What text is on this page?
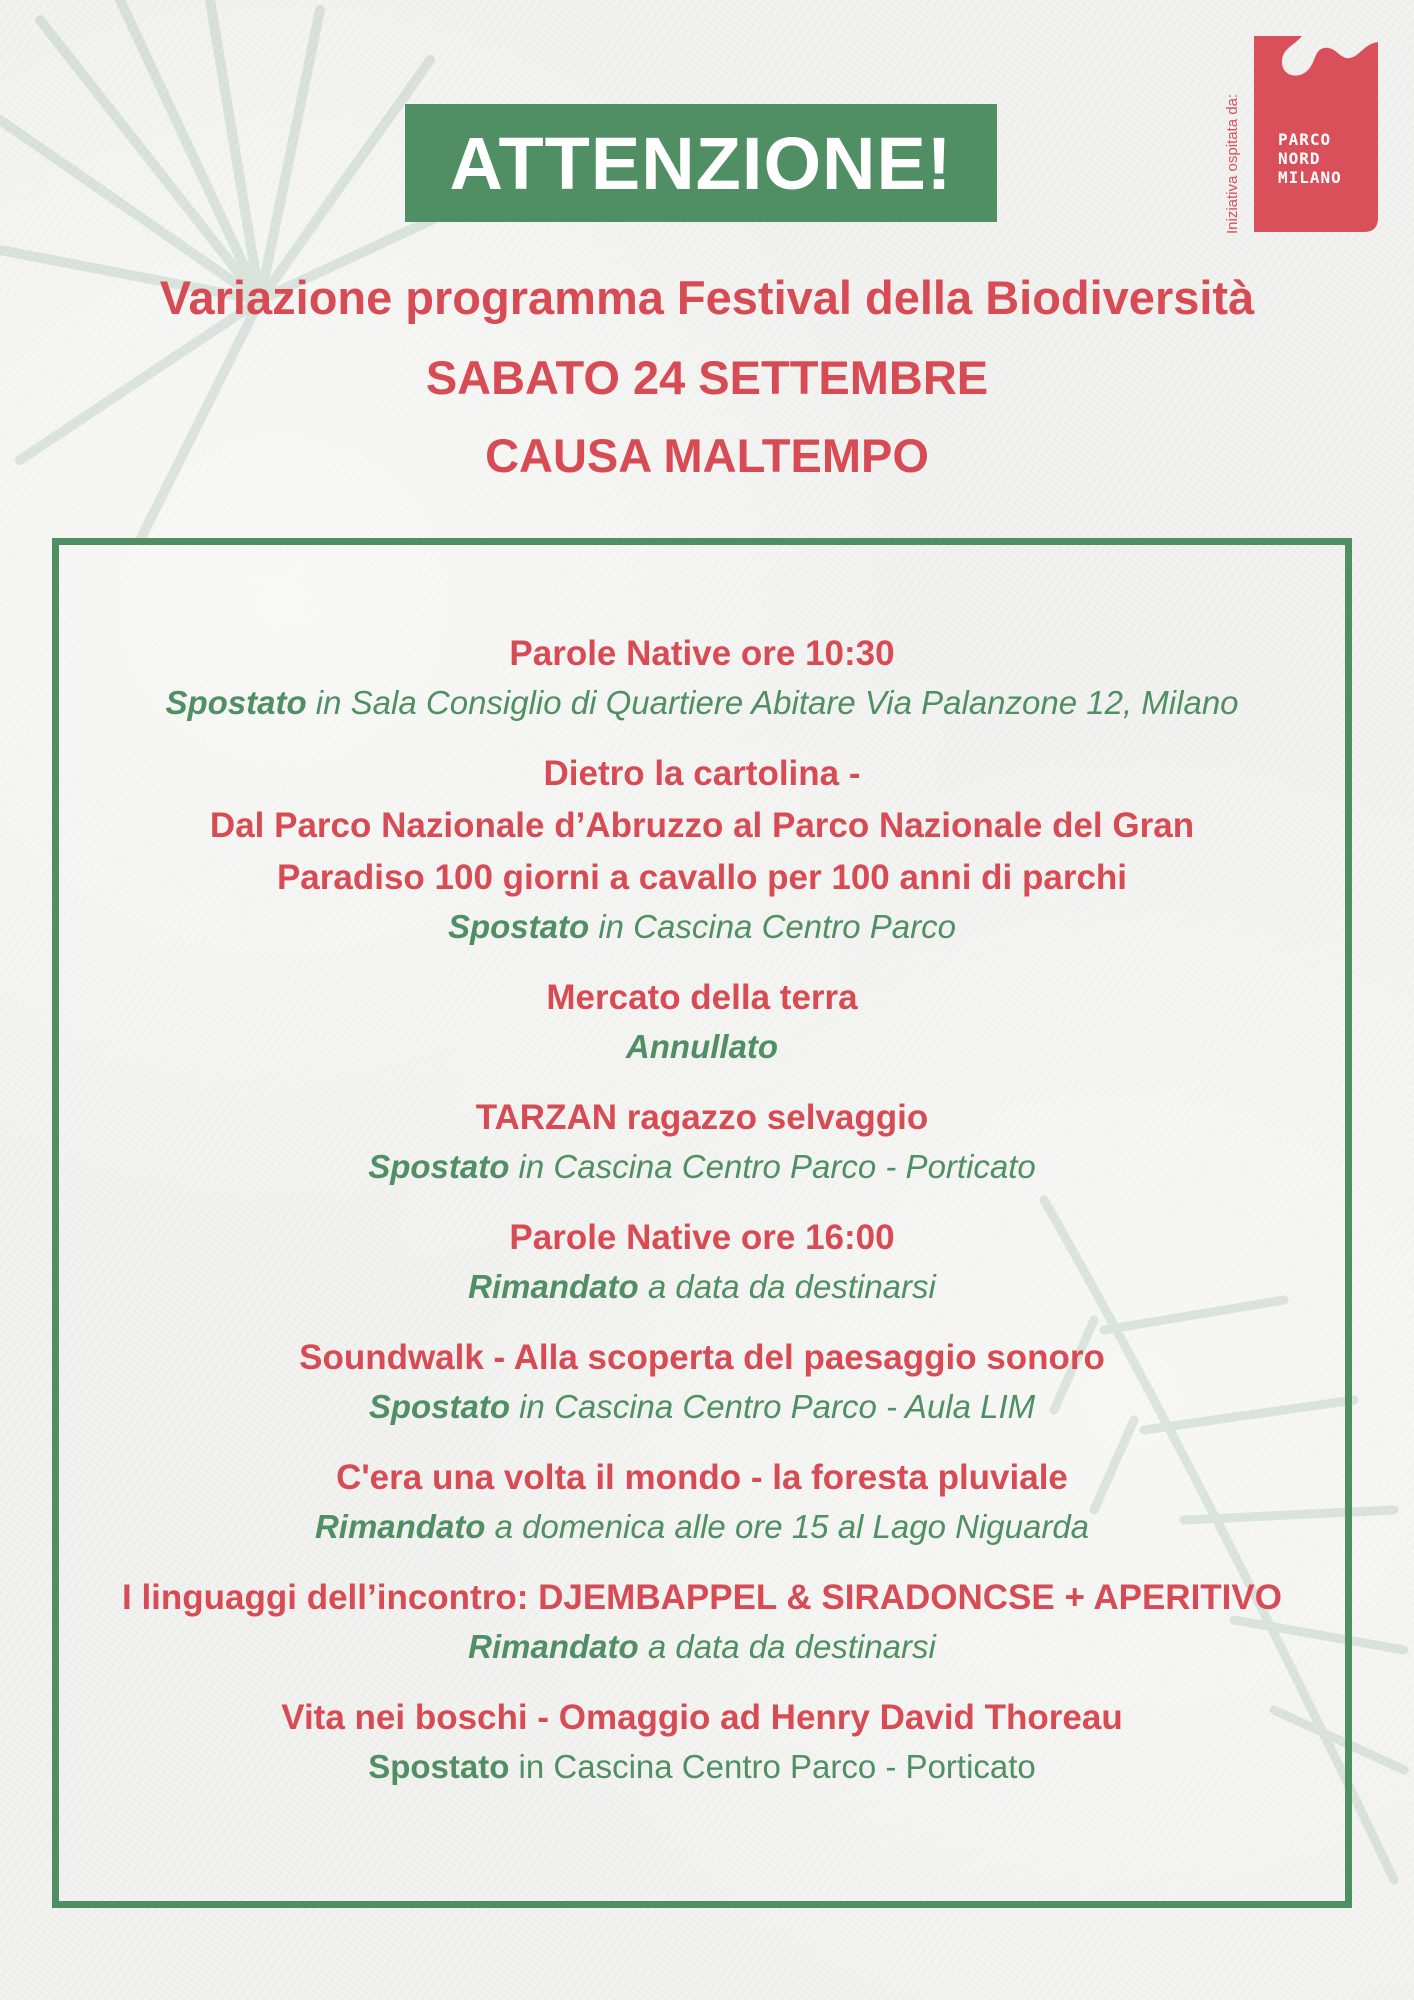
ATTENZIONE!	Iniziativa ospitata da: PARCO
NORD
MILANO
Variazione programma Festival della Biodiversità
SABATO 24 SETTEMBRE
CAUSA MALTEMPO
Parole Native ore 10:30
Spostato in Sala Consiglio di Quartiere Abitare Via Palanzone 12, Milano
Dietro la cartolina -
Dal Parco Nazionale d’Abruzzo al Parco Nazionale del Gran
Paradiso 100 giorni a cavallo per 100 anni di parchi
Spostato in Cascina Centro Parco
Mercato della terra
Annullato
TARZAN ragazzo selvaggio
Spostato in Cascina Centro Parco - Porticato
Parole Native ore 16:00
Rimandato a data da destinarsi
Soundwalk - Alla scoperta del paesaggio sonoro
Spostato in Cascina Centro Parco - Aula LIM
C'era una volta il mondo - la foresta pluviale
Rimandato a domenica alle ore 15 al Lago Niguarda
I linguaggi dell’incontro: DJEMBAPPEL & SIRADONCSE + APERITIVO
Rimandato a data da destinarsi
Vita nei boschi - Omaggio ad Henry David Thoreau
Spostato in Cascina Centro Parco - Porticato
